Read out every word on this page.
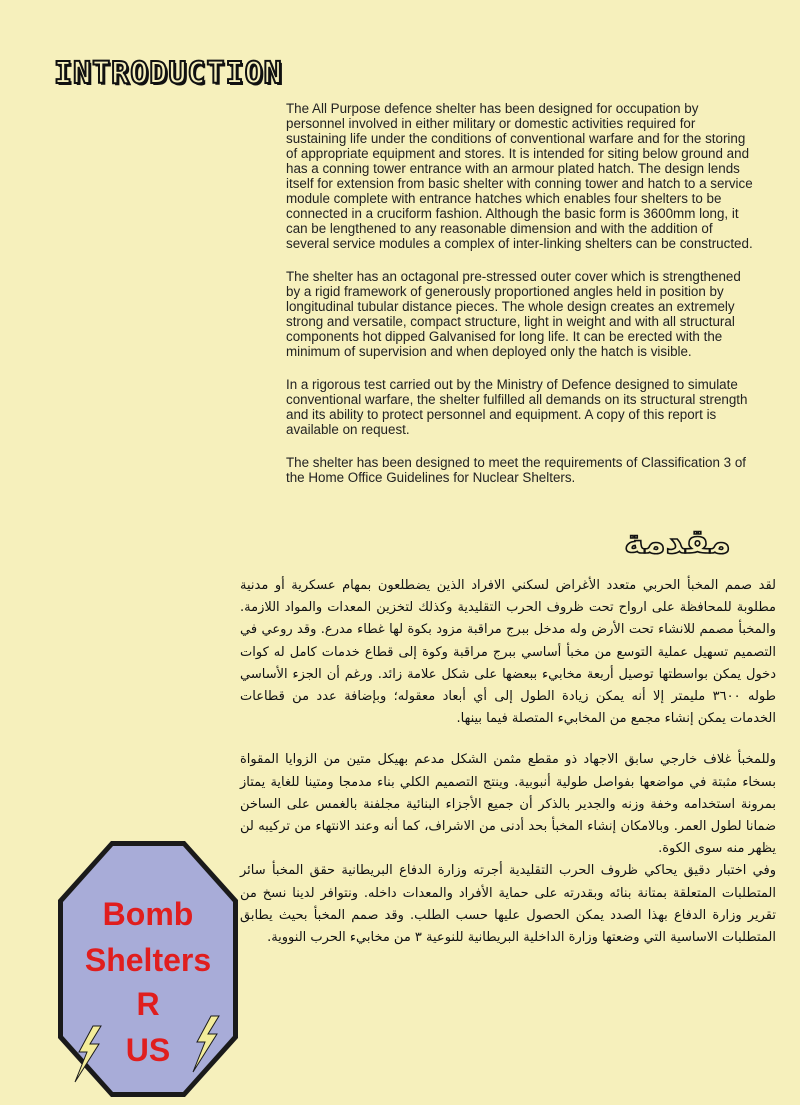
INTRODUCTION

The All Purpose defence shelter has been designed for occupation by personnel involved in either military or domestic activities required for sustaining life under the conditions of conventional warfare and for the storing of appropriate equipment and stores. It is intended for siting below ground and has a conning tower entrance with an armour plated hatch. The design lends itself for extension from basic shelter with conning tower and hatch to a service module complete with entrance hatches which enables four shelters to be connected in a cruciform fashion. Although the basic form is 3600mm long, it can be lengthened to any reasonable dimension and with the addition of several service modules a complex of inter-linking shelters can be constructed.

The shelter has an octagonal pre-stressed outer cover which is strengthened by a rigid framework of generously proportioned angles held in position by longitudinal tubular distance pieces. The whole design creates an extremely strong and versatile, compact structure, light in weight and with all structural components hot dipped Galvanised for long life. It can be erected with the minimum of supervision and when deployed only the hatch is visible.

In a rigorous test carried out by the Ministry of Defence designed to simulate conventional warfare, the shelter fulfilled all demands on its structural strength and its ability to protect personnel and equipment. A copy of this report is available on request.

The shelter has been designed to meet the requirements of Classification 3 of the Home Office Guidelines for Nuclear Shelters.

مقدمة

لقد صمم المخبأ الحربي متعدد الأغراض لسكني الافراد الذين يضطلعون بمهام عسكرية أو مدنية مطلوبة للمحافظة على ارواح تحت ظروف الحرب التقليدية وكذلك لتخزين المعدات والمواد اللازمة. والمخبأ مصمم للانشاء تحت الأرض وله مدخل ببرج مراقبة مزود بكوة لها غطاء مدرع. وقد روعي في التصميم تسهيل عملية التوسع من مخبأ أساسي ببرج مراقبة وكوة إلى قطاع خدمات كامل له كوات دخول يمكن بواسطتها توصيل أربعة مخابيء ببعضها على شكل علامة زائد. ورغم أن الجزء الأساسي طوله ٣٦٠٠ مليمتر إلا أنه يمكن زيادة الطول إلى أي أبعاد معقوله؛ وبإضافة عدد من قطاعات الخدمات يمكن إنشاء مجمع من المخابيء المتصلة فيما بينها.

وللمخبأ غلاف خارجي سابق الاجهاد ذو مقطع مثمن الشكل مدعم بهيكل متين من الزوايا المقواة بسخاء مثبتة في مواضعها بفواصل طولية أنبوبية. وينتج التصميم الكلي بناء مدمجا ومتينا للغاية يمتاز بمرونة استخدامه وخفة وزنه والجدير بالذكر أن جميع الأجزاء البنائية مجلفنة بالغمس على الساخن ضمانا لطول العمر. وبالامكان إنشاء المخبأ بحد أدنى من الاشراف، كما أنه وعند الانتهاء من تركيبه لن يظهر منه سوى الكوة.

وفي اختبار دقيق يحاكي ظروف الحرب التقليدية أجرته وزارة الدفاع البريطانية حقق المخبأ سائر المتطلبات المتعلقة بمتانة بنائه وبقدرته على حماية الأفراد والمعدات داخله. ونتوافر لدينا نسخ من تقرير وزارة الدفاع بهذا الصدد يمكن الحصول عليها حسب الطلب. وقد صمم المخبأ بحيث يطابق المتطلبات الاساسية التي وضعتها وزارة الداخلية البريطانية للنوعية ٣ من مخابيء الحرب النووية.

Bomb
Shelters
R
US
